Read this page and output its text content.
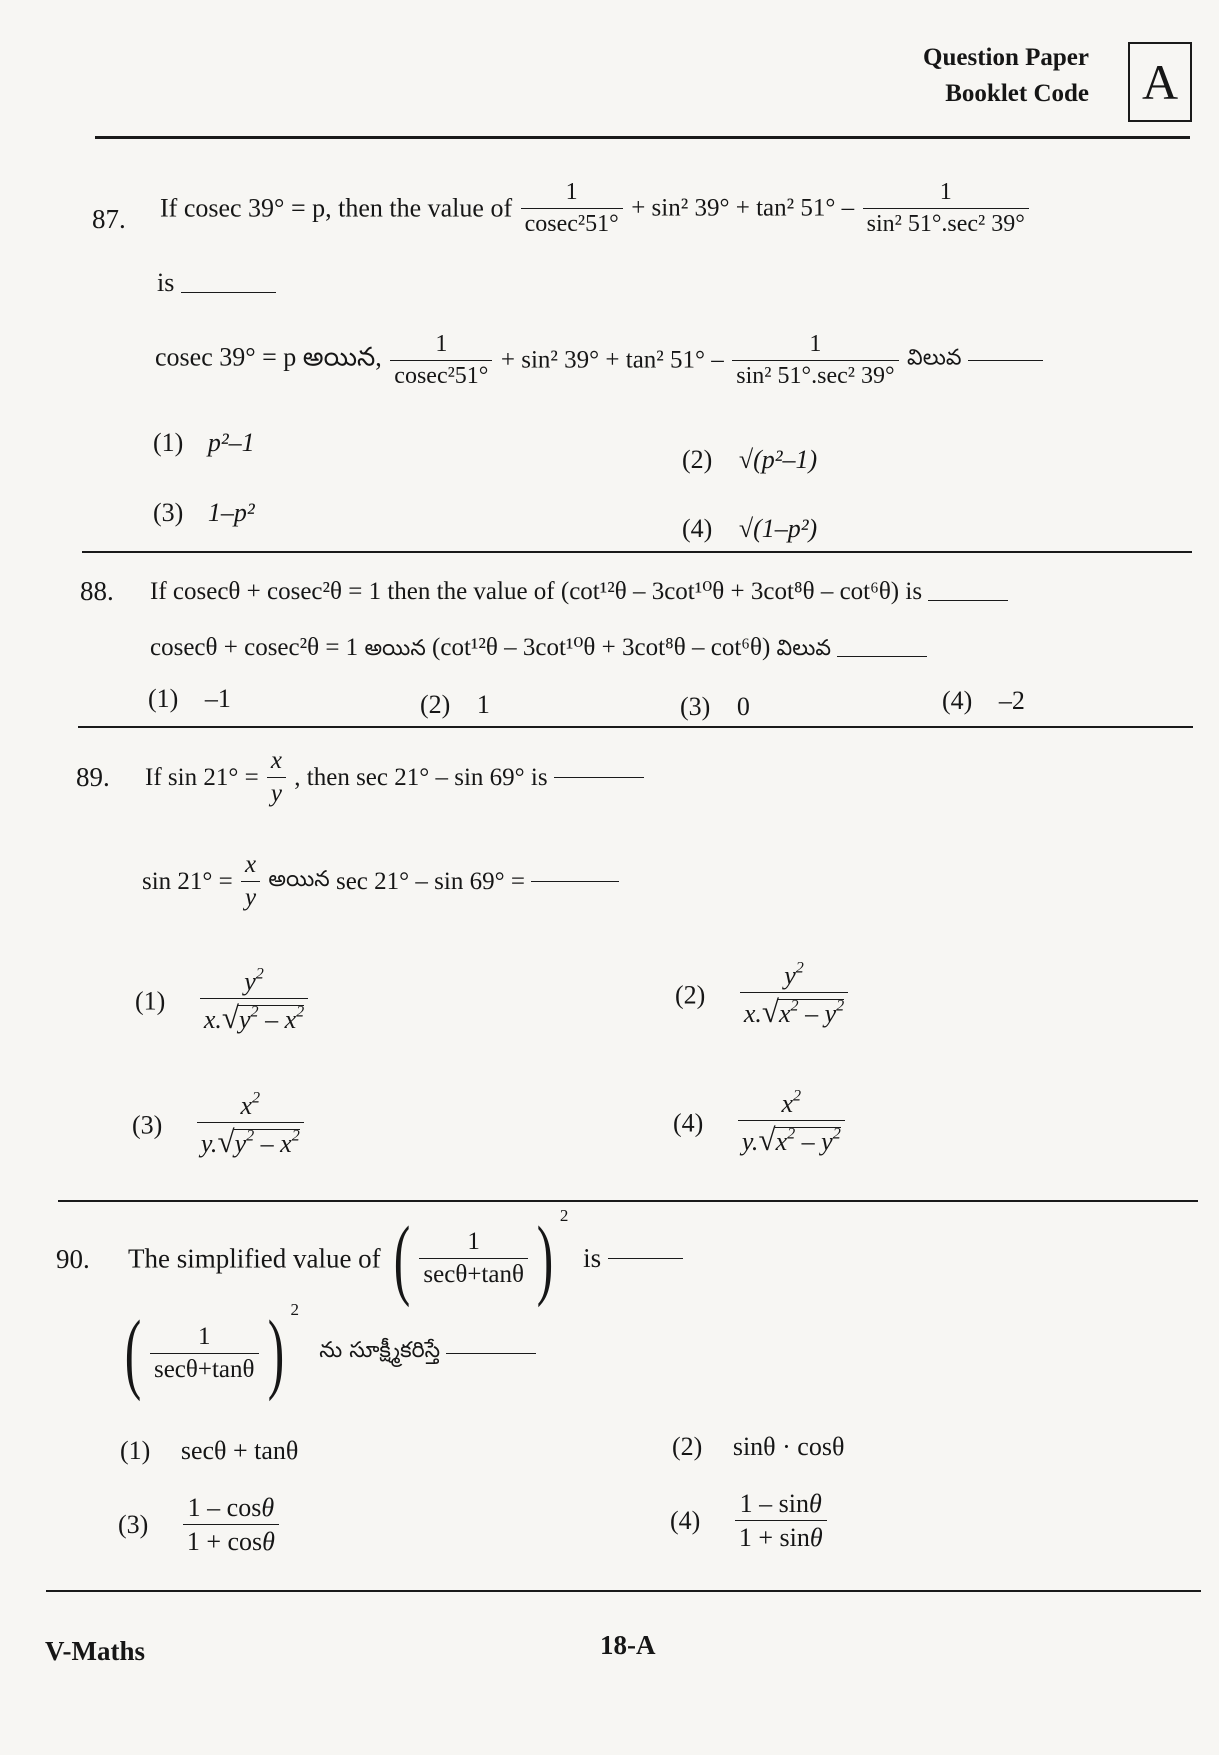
Question Paper
Booklet Code A
87. If cosec 39° = p, then the value of $\frac{1}{\text{cosec²51°}} + \sin^2$ 39° + tan² $51^\circ - \frac{1}{\text{sin² 51°.sec² 39°}}$
is
cosec 39° = p అయిన, $\frac{1}{\text{cosec²51°}} + \sin^2$ 39° + tan² $51^\circ - \frac{1}{\text{sin² 51°.sec² 39°}}$ విలువ
(1) p²–1
(2) √(p²–1)
(3) 1–p²
(4) √(1–p²)
88. If cosecθ + cosec²θ = 1 then the value of (cot¹²θ – 3cot¹⁰θ + 3cot⁸θ – cot⁶θ) is
cosecθ + cosec²θ = 1 అయిన (cot¹²θ – 3cot¹⁰θ + 3cot⁸θ – cot⁶θ) విలువ
(1) –1	(2) 1	(3) 0	(4) –2
89. If $\sin 21^\circ = \frac{x}{y}$ , then sec 21° – sin 69° is
$\sin 21^\circ = \frac{x}{y}$ అయిన sec 21° – sin 69° =
$(1) \frac{y^2}{x.√y^2 - x^2}$	$(2) \frac{y^2}{x.√x^2 - y^2}$
$(3) \frac{x^2}{y.√y^2 - x^2}$	$(4) \frac{x^2}{y.√x^2 - y^2}$
90. The simplified value of ( $\frac{1}{\sec\theta+\tan\theta}$ ) $^2$ is
( $\frac{1}{\sec\theta+\tan\theta}$ ) $^2$ ను సూక్ష్మీకరిస్తే
(1) secθ + tanθ	(2) sinθ · cosθ
$(3) \frac{1 - \cos\theta}{1 + \cos\theta}$	$(4) \frac{1 - \sin\theta}{1 + \sin\theta}$
V-Maths	18-A
